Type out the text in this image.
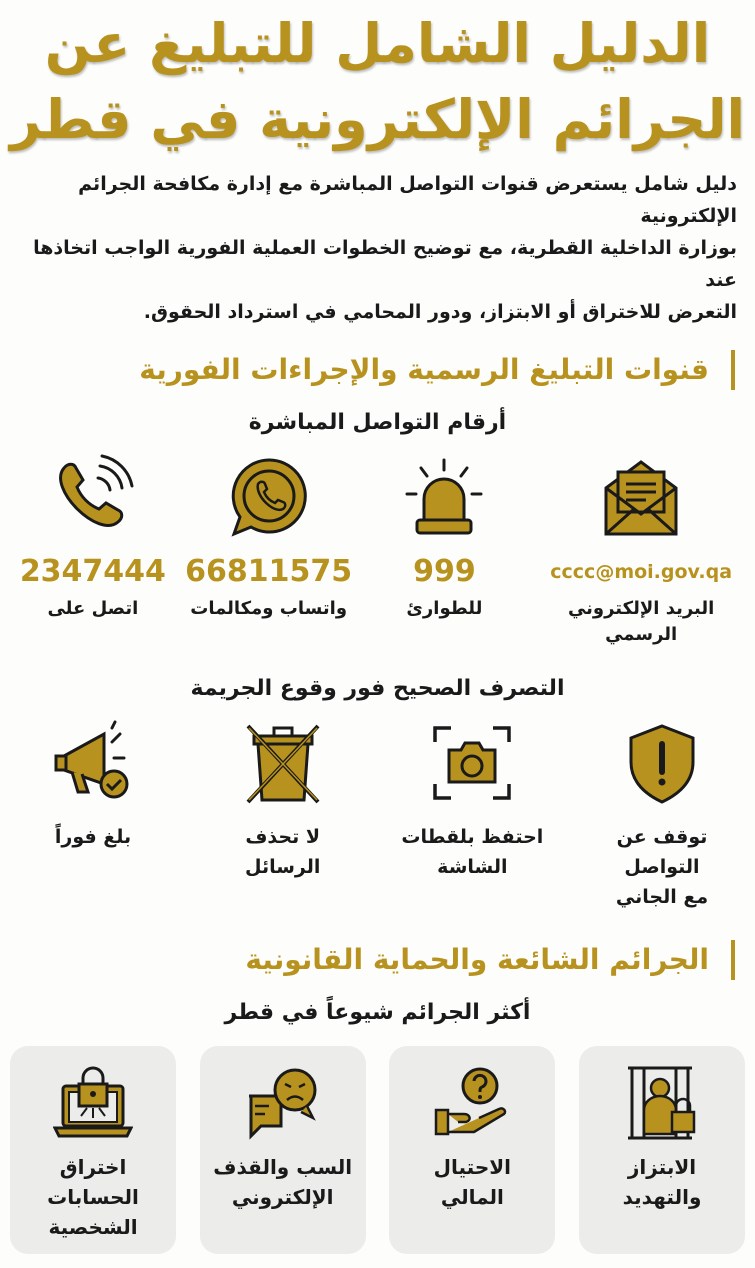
الدليل الشامل للتبليغ عن
الجرائم الإلكترونية في قطر
دليل شامل يستعرض قنوات التواصل المباشرة مع إدارة مكافحة الجرائم الإلكترونية
بوزارة الداخلية القطرية، مع توضيح الخطوات العملية الفورية الواجب اتخاذها عند
التعرض للاختراق أو الابتزاز، ودور المحامي في استرداد الحقوق.
قنوات التبليغ الرسمية والإجراءات الفورية
أرقام التواصل المباشرة
cccc@moi.gov.qa
البريد الإلكتروني الرسمي
999
للطوارئ
66811575
واتساب ومكالمات
2347444
اتصل على
التصرف الصحيح فور وقوع الجريمة
توقف عن التواصل
مع الجاني
احتفظ بلقطات
الشاشة
لا تحذف
الرسائل
بلغ فوراً
الجرائم الشائعة والحماية القانونية
أكثر الجرائم شيوعاً في قطر
الابتزاز
والتهديد
الاحتيال
المالي
السب والقذف
الإلكتروني
اختراق
الحسابات
الشخصية
